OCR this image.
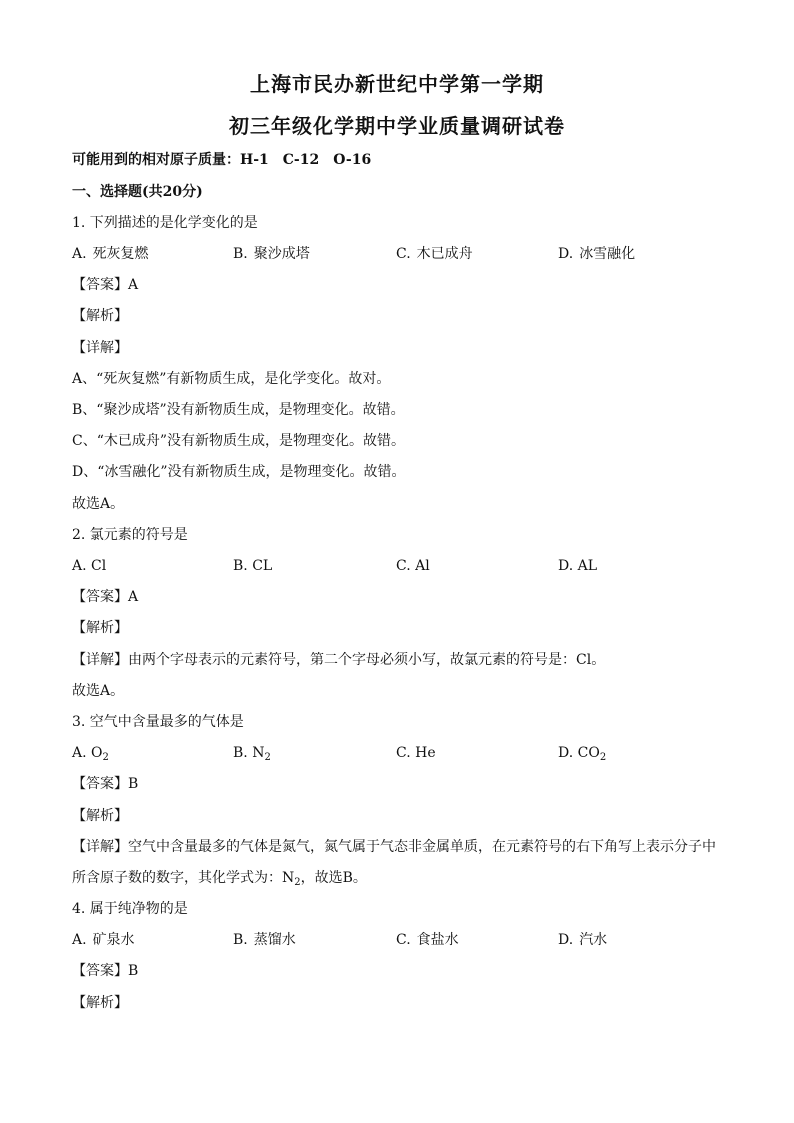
上海市民办新世纪中学第一学期
初三年级化学期中学业质量调研试卷
可能用到的相对原子质量：H-1　C-12　O-16
一、选择题(共20分)
1. 下列描述的是化学变化的是
A. 死灰复燃	B. 聚沙成塔	C. 木已成舟	D. 冰雪融化
【答案】A
【解析】
【详解】
A、“死灰复燃”有新物质生成，是化学变化。故对。
B、“聚沙成塔”没有新物质生成，是物理变化。故错。
C、“木已成舟”没有新物质生成，是物理变化。故错。
D、“冰雪融化”没有新物质生成，是物理变化。故错。
故选A。
2. 氯元素的符号是
A. Cl	B. CL	C. Al	D. AL
【答案】A
【解析】
【详解】由两个字母表示的元素符号，第二个字母必须小写，故氯元素的符号是：Cl。
故选A。
3. 空气中含量最多的气体是
A. $O_2$	B. $N_2$	C. He	D. $CO_2$
【答案】B
【解析】
【详解】空气中含量最多的气体是氮气，氮气属于气态非金属单质，在元素符号的右下角写上表示分子中
所含原子数的数字，其化学式为：$N_2$，故选B。
4. 属于纯净物的是
A. 矿泉水	B. 蒸馏水	C. 食盐水	D. 汽水
【答案】B
【解析】
